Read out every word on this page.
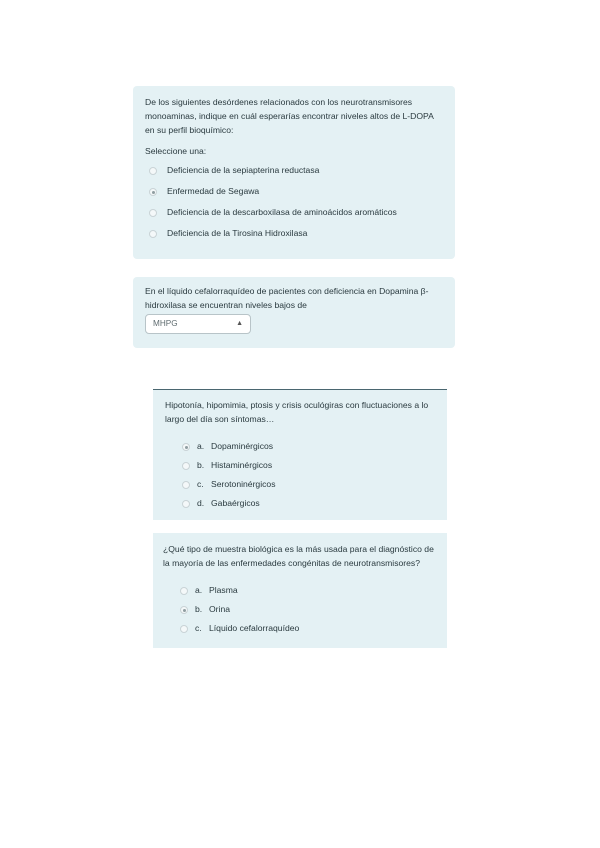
De los siguientes desórdenes relacionados con los neurotransmisores monoaminas, indique en cuál esperarías encontrar niveles altos de L-DOPA en su perfil bioquímico:

Seleccione una:
Deficiencia de la sepiapterina reductasa
Enfermedad de Segawa
Deficiencia de la descarboxilasa de aminoácidos aromáticos
Deficiencia de la Tirosina Hidroxilasa

En el líquido cefalorraquídeo de pacientes con deficiencia en Dopamina β-hidroxilasa se encuentran niveles bajos de

MHPG	▲

Hipotonía, hipomimia, ptosis y crisis oculógiras con fluctuaciones a lo largo del día son síntomas…

a. Dopaminérgicos
b. Histaminérgicos
c. Serotoninérgicos
d. Gabaérgicos

¿Qué tipo de muestra biológica es la más usada para el diagnóstico de la mayoría de las enfermedades congénitas de neurotransmisores?

a. Plasma
b. Orina
c. Líquido cefalorraquídeo
